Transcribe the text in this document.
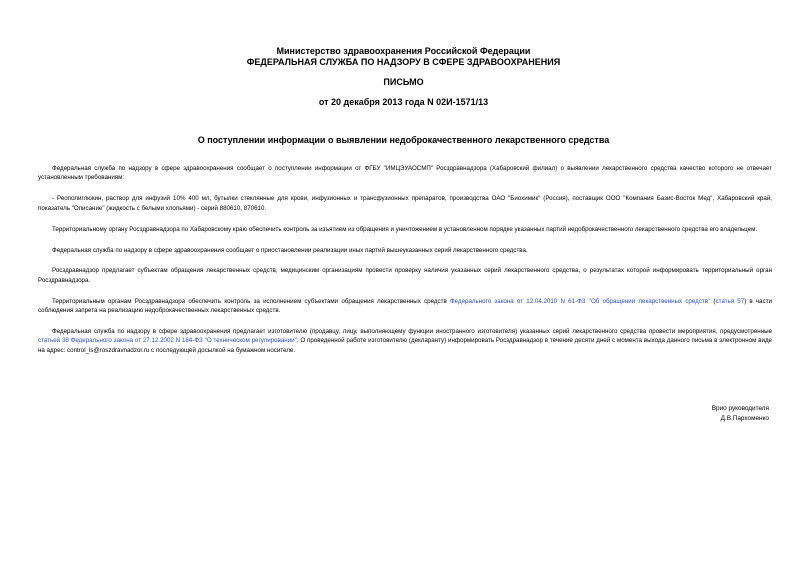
Министерство здравоохранения Российской Федерации
ФЕДЕРАЛЬНАЯ СЛУЖБА ПО НАДЗОРУ В СФЕРЕ ЗДРАВООХРАНЕНИЯ
ПИСЬМО
от 20 декабря 2013 года N 02И-1571/13
О поступлении информации о выявлении недоброкачественного лекарственного средства

Федеральная служба по надзору в сфере здравоохранения сообщает о поступлении информации от ФГБУ "ИМЦЭУАОСМП" Росздравнадзора (Хабаровский филиал) о выявлении лекарственного средства качество которого не отвечает установленным требованиям:

- Реополиглюкин, раствор для инфузий 10% 400 мл, бутылки стеклянные для крови, инфузионных и трансфузионных препаратов, производства ОАО "Биохимик" (Россия), поставщик ООО "Компания Базис-Восток Мед", Хабаровский край, показатель "Описание" (жидкость с белыми хлопьями) - серий 880610, 870610.

Территориальному органу Росздравнадзора по Хабаровскому краю обеспечить контроль за изъятием из обращения и уничтожением в установленном порядке указанных партий недоброкачественного лекарственного средства его владельцем.

Федеральная служба по надзору в сфере здравоохранения сообщает о приостановлении реализации иных партий вышеуказанных серий лекарственного средства.

Росздравнадзор предлагает субъектам обращения лекарственных средств, медицинским организациям провести проверку наличия указанных серий лекарственного средства, о результатах которой информировать территориальный орган Росздравнадзора.

Территориальным органам Росздравнадзора обеспечить контроль за исполнением субъектами обращения лекарственных средств Федерального закона от 12.04.2010 N 61-ФЗ "Об обращении лекарственных средств" (статья 57) в части соблюдения запрета на реализацию недоброкачественных лекарственных средств.

Федеральная служба по надзору в сфере здравоохранения предлагает изготовителю (продавцу, лицу, выполняющему функции иностранного изготовителя) указанных серий лекарственного средства провести мероприятия, предусмотренные статьей 38 Федерального закона от 27.12.2002 N 184-ФЗ "О техническом регулировании". О проведенной работе изготовителю (декларанту) информировать Росздравнадзор в течение десяти дней с момента выхода данного письма в электронном виде на адрес: control_ls@roszdravnadzor.ru с последующей досылкой на бумажном носителе.

Врио руководителя
Д.В.Пархоменко
